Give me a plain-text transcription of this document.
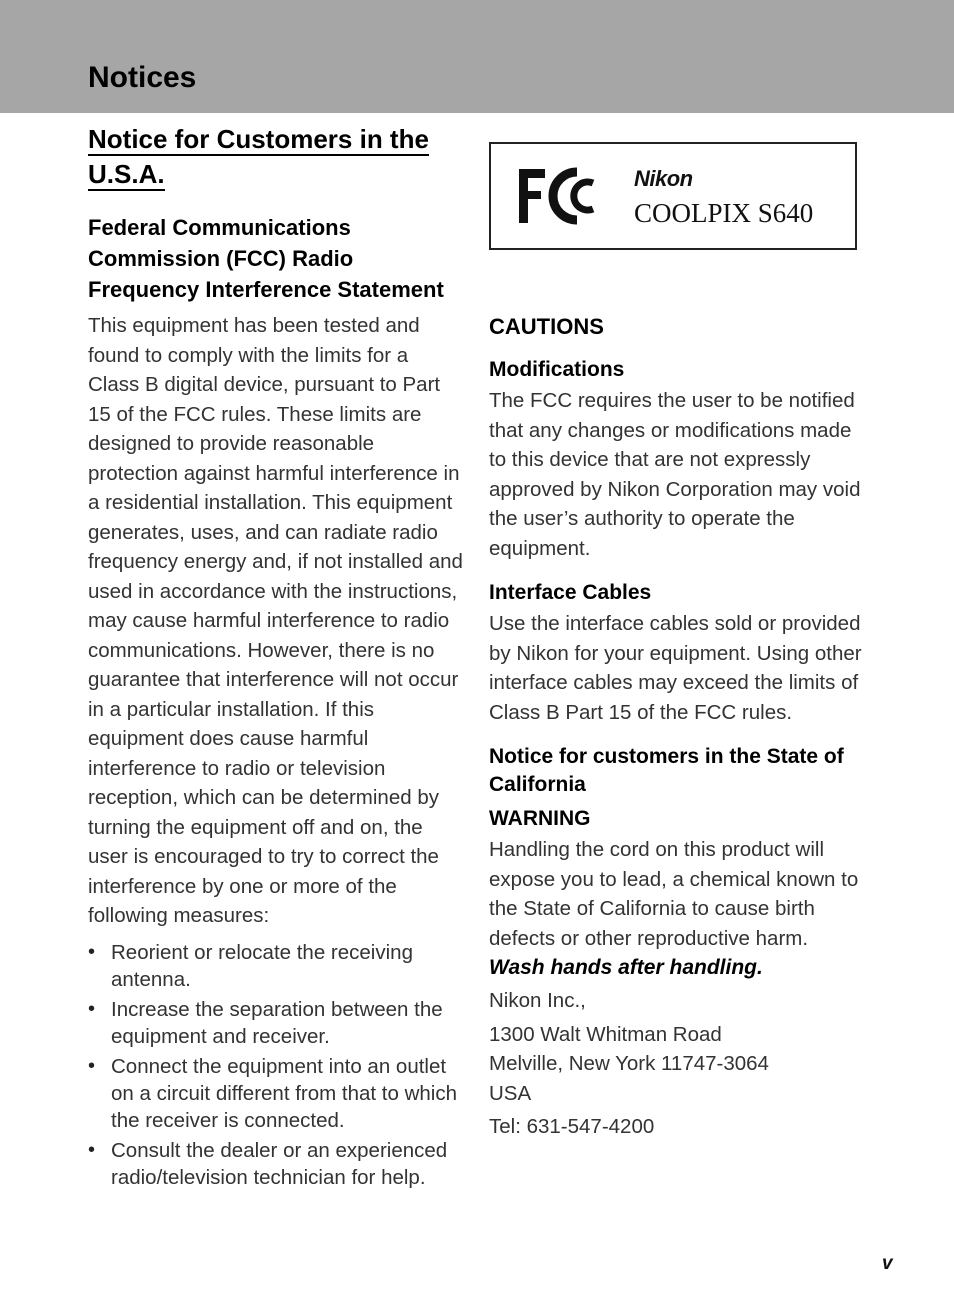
Notices
Notice for Customers in the
U.S.A.
Federal Communications Commission (FCC) Radio Frequency Interference Statement

This equipment has been tested and found to comply with the limits for a Class B digital device, pursuant to Part 15 of the FCC rules. These limits are designed to provide reasonable protection against harmful interference in a residential installation. This equipment generates, uses, and can radiate radio frequency energy and, if not installed and used in accordance with the instructions, may cause harmful interference to radio communications. However, there is no guarantee that interference will not occur in a particular installation. If this equipment does cause harmful interference to radio or television reception, which can be determined by turning the equipment off and on, the user is encouraged to try to correct the interference by one or more of the following measures:

• Reorient or relocate the receiving antenna.
• Increase the separation between the equipment and receiver.
• Connect the equipment into an outlet on a circuit different from that to which the receiver is connected.
• Consult the dealer or an experienced radio/television technician for help.
Nikon
COOLPIX S640
CAUTIONS
Modifications

The FCC requires the user to be notified that any changes or modifications made to this device that are not expressly approved by Nikon Corporation may void the user’s authority to operate the equipment.

Interface Cables

Use the interface cables sold or provided by Nikon for your equipment. Using other interface cables may exceed the limits of Class B Part 15 of the FCC rules.

Notice for customers in the State of California
WARNING

Handling the cord on this product will expose you to lead, a chemical known to the State of California to cause birth defects or other reproductive harm.

Wash hands after handling.

Nikon Inc.,

1300 Walt Whitman Road

Melville, New York 11747-3064

USA

Tel: 631-547-4200

v
